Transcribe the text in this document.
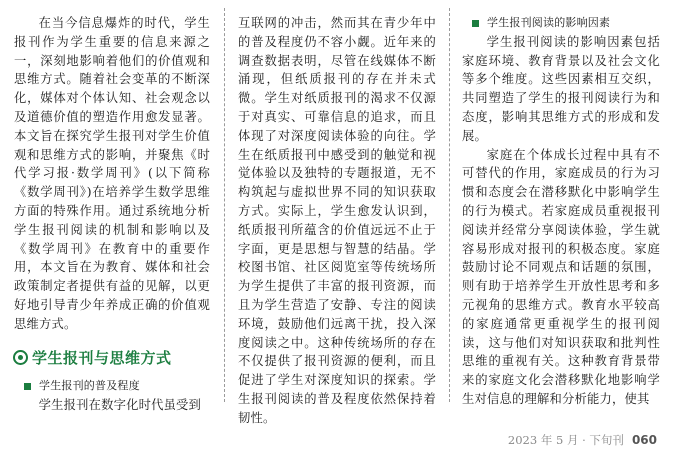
在当今信息爆炸的时代，学生报刊作为学生重要的信息来源之一，深刻地影响着他们的价值观和思维方式。随着社会变革的不断深化，媒体对个体认知、社会观念以及道德价值的塑造作用愈发显著。本文旨在探究学生报刊对学生价值观和思维方式的影响，并聚焦《时代学习报·数学周刊》(以下简称《数学周刊》)在培养学生数学思维方面的特殊作用。通过系统地分析学生报刊阅读的机制和影响以及《数学周刊》在教育中的重要作用，本文旨在为教育、媒体和社会政策制定者提供有益的见解，以更好地引导青少年养成正确的价值观思维方式。

学生报刊与思维方式
学生报刊的普及程度

学生报刊在数字化时代虽受到

互联网的冲击，然而其在青少年中的普及程度仍不容小觑。近年来的调查数据表明，尽管在线媒体不断涌现，但纸质报刊的存在并未式微。学生对纸质报刊的渴求不仅源于对真实、可靠信息的追求，而且体现了对深度阅读体验的向往。学生在纸质报刊中感受到的触觉和视觉体验以及独特的专题报道，无不构筑起与虚拟世界不同的知识获取方式。实际上，学生愈发认识到，纸质报刊所蕴含的价值远远不止于字面，更是思想与智慧的结晶。学校图书馆、社区阅览室等传统场所为学生提供了丰富的报刊资源，而且为学生营造了安静、专注的阅读环境，鼓励他们远离干扰，投入深度阅读之中。这种传统场所的存在不仅提供了报刊资源的便利，而且促进了学生对深度知识的探索。学生报刊阅读的普及程度依然保持着韧性。

学生报刊阅读的影响因素

学生报刊阅读的影响因素包括家庭环境、教育背景以及社会文化等多个维度。这些因素相互交织，共同塑造了学生的报刊阅读行为和态度，影响其思维方式的形成和发展。

家庭在个体成长过程中具有不可替代的作用，家庭成员的行为习惯和态度会在潜移默化中影响学生的行为模式。若家庭成员重视报刊阅读并经常分享阅读体验，学生就容易形成对报刊的积极态度。家庭鼓励讨论不同观点和话题的氛围，则有助于培养学生开放性思考和多元视角的思维方式。教育水平较高的家庭通常更重视学生的报刊阅读，这与他们对知识获取和批判性思维的重视有关。这种教育背景带来的家庭文化会潜移默化地影响学生对信息的理解和分析能力，使其

2023 年 5 月 · 下旬刊 060
